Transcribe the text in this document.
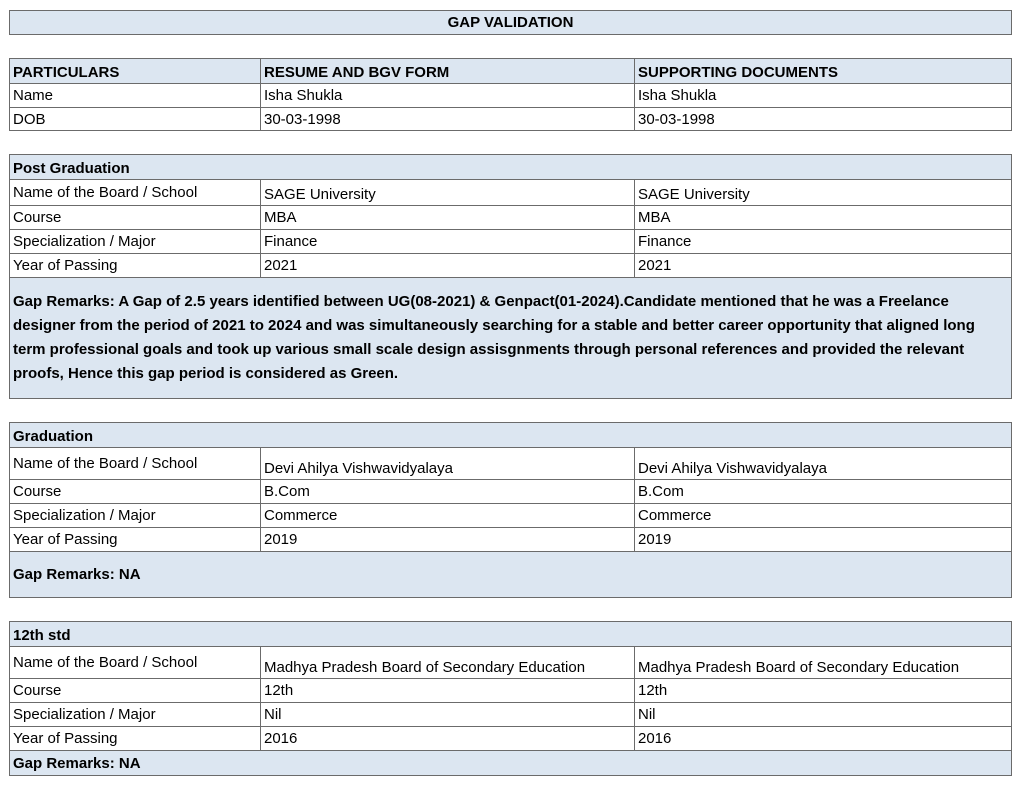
GAP VALIDATION
PARTICULARS	RESUME AND BGV FORM	SUPPORTING DOCUMENTS
Name	Isha Shukla	Isha Shukla
DOB	30-03-1998	30-03-1998
Post Graduation
Name of the Board / School	SAGE University	SAGE University
Course	MBA	MBA
Specialization / Major	Finance	Finance
Year of Passing	2021	2021
Gap Remarks: A Gap of 2.5 years identified between UG(08-2021) & Genpact(01-2024).Candidate mentioned that he was a Freelance designer from the period of 2021 to 2024 and was simultaneously searching for a stable and better career opportunity that aligned long term professional goals and took up various small scale design assisgnments through personal references and provided the relevant proofs, Hence this gap period is considered as Green.
Graduation
Name of the Board / School	Devi Ahilya Vishwavidyalaya	Devi Ahilya Vishwavidyalaya
Course	B.Com	B.Com
Specialization / Major	Commerce	Commerce
Year of Passing	2019	2019
Gap Remarks: NA
12th std
Name of the Board / School	Madhya Pradesh Board of Secondary Education	Madhya Pradesh Board of Secondary Education
Course	12th	12th
Specialization / Major	Nil	Nil
Year of Passing	2016	2016
Gap Remarks: NA
